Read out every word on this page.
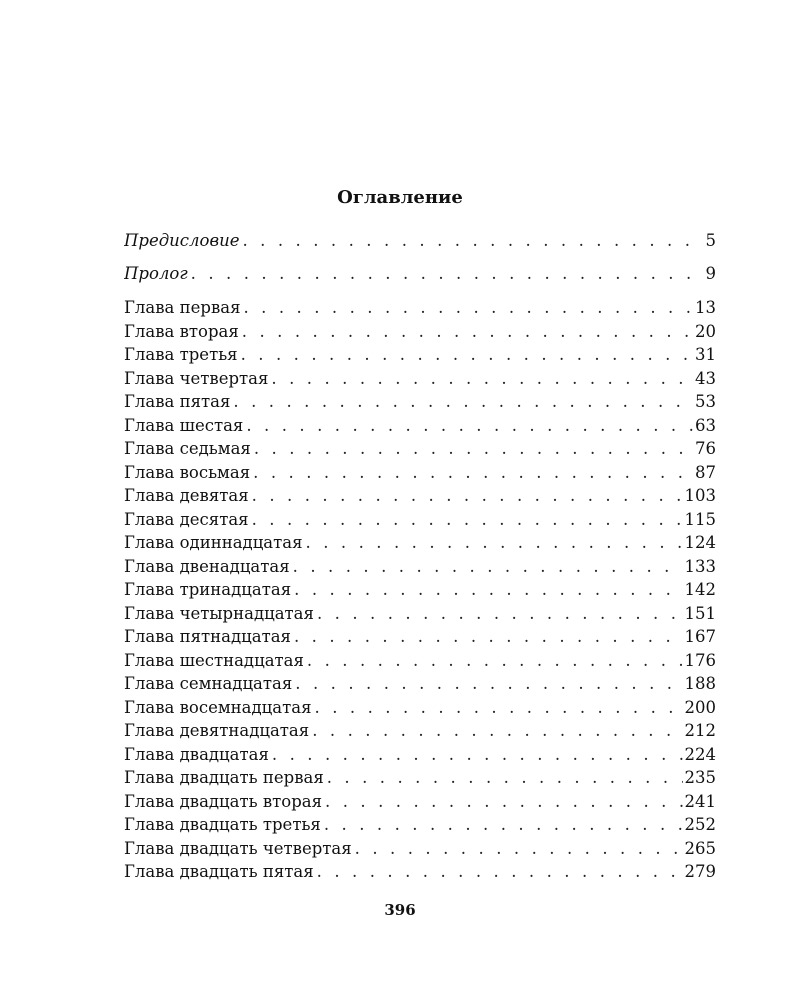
Оглавление
Предисловие . . .	5
Пролог . . .	9
Глава первая . . .	13
Глава вторая . . .	20
Глава третья . . .	31
Глава четвертая . . .	43
Глава пятая . . .	53
Глава шестая . . .	63
Глава седьмая . . .	76
Глава восьмая . . .	87
Глава девятая . . .	103
Глава десятая . . .	115
Глава одиннадцатая . . .	124
Глава двенадцатая . . .	133
Глава тринадцатая . . .	142
Глава четырнадцатая . . .	151
Глава пятнадцатая . . .	167
Глава шестнадцатая . . .	176
Глава семнадцатая . . .	188
Глава восемнадцатая . . .	200
Глава девятнадцатая . . .	212
Глава двадцатая . . .	224
Глава двадцать первая . . .	235
Глава двадцать вторая . . .	241
Глава двадцать третья . . .	252
Глава двадцать четвертая . . .	265
Глава двадцать пятая . . .	279
396
